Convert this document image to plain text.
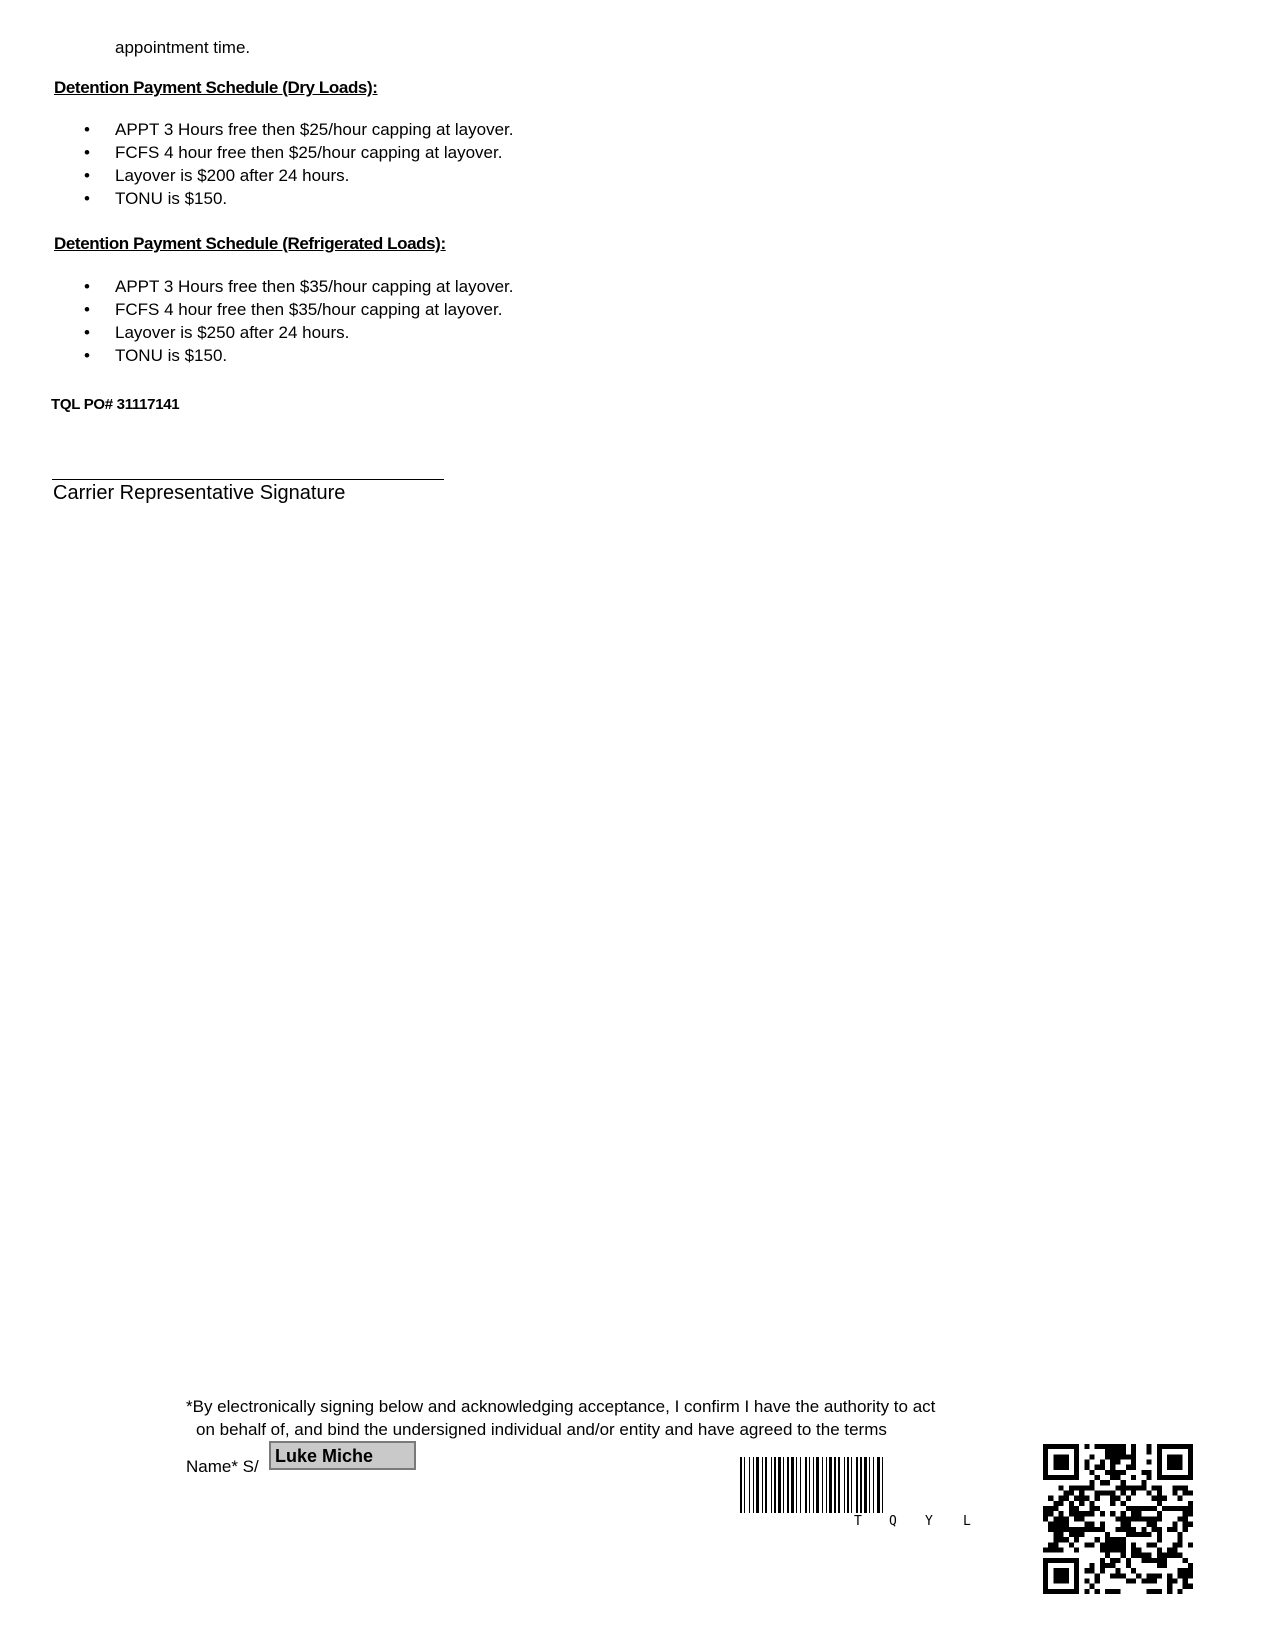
appointment time.
Detention Payment Schedule (Dry Loads):
• APPT 3 Hours free then $25/hour capping at layover.
• FCFS 4 hour free then $25/hour capping at layover.
• Layover is $200 after 24 hours.
• TONU is $150.
Detention Payment Schedule (Refrigerated Loads):
• APPT 3 Hours free then $35/hour capping at layover.
• FCFS 4 hour free then $35/hour capping at layover.
• Layover is $250 after 24 hours.
• TONU is $150.
TQL PO# 31117141
Carrier Representative Signature
*By electronically signing below and acknowledging acceptance, I confirm I have the authority to act
on behalf of, and bind the undersigned individual and/or entity and have agreed to the terms
Name* S/
Luke Miche
T Q Y L
